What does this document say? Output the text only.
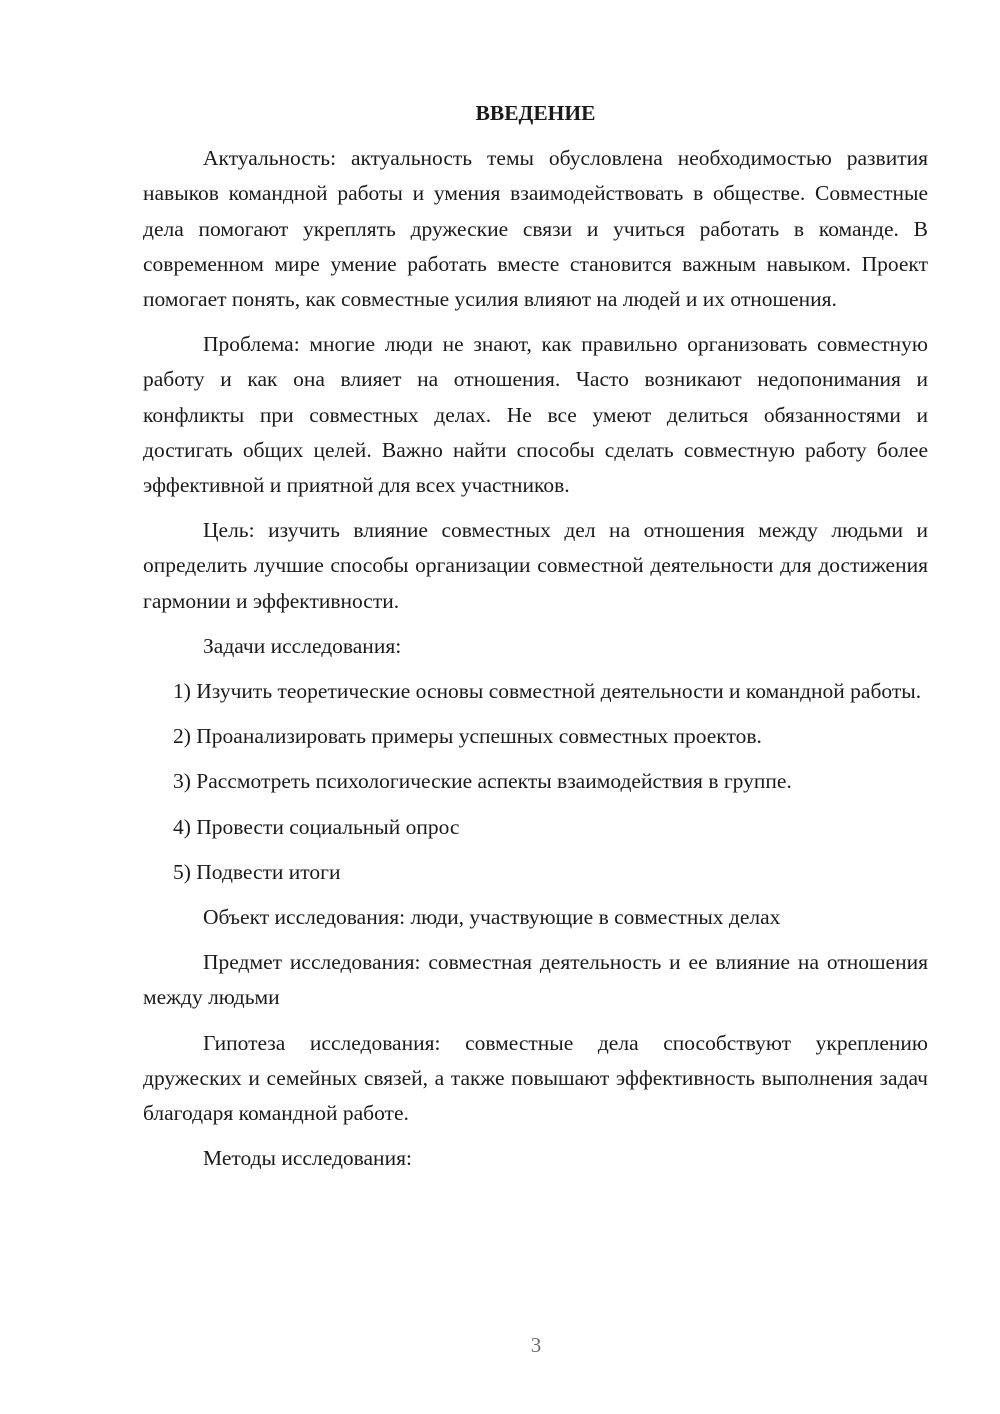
ВВЕДЕНИЕ

Актуальность: актуальность темы обусловлена необходимостью развития навыков командной работы и умения взаимодействовать в обществе. Совместные дела помогают укреплять дружеские связи и учиться работать в команде. В современном мире умение работать вместе становится важным навыком. Проект помогает понять, как совместные усилия влияют на людей и их отношения.

Проблема: многие люди не знают, как правильно организовать совместную работу и как она влияет на отношения. Часто возникают недопонимания и конфликты при совместных делах. Не все умеют делиться обязанностями и достигать общих целей. Важно найти способы сделать совместную работу более эффективной и приятной для всех участников.

Цель: изучить влияние совместных дел на отношения между людьми и определить лучшие способы организации совместной деятельности для достижения гармонии и эффективности.

Задачи исследования:

1) Изучить теоретические основы совместной деятельности и командной работы.

2) Проанализировать примеры успешных совместных проектов.

3) Рассмотреть психологические аспекты взаимодействия в группе.

4) Провести социальный опрос

5) Подвести итоги

Объект исследования: люди, участвующие в совместных делах

Предмет исследования: совместная деятельность и ее влияние на отношения между людьми

Гипотеза исследования: совместные дела способствуют укреплению дружеских и семейных связей, а также повышают эффективность выполнения задач благодаря командной работе.

Методы исследования:

3
